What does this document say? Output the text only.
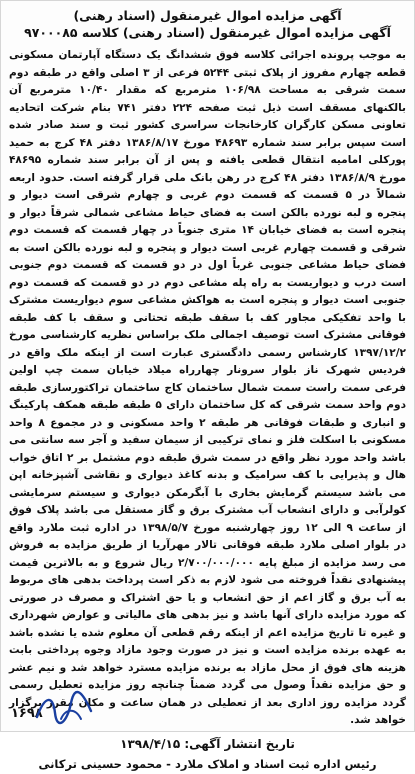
آگهی مزایده اموال غیرمنقول (اسناد رهنی)
آگهی مزایده اموال غیرمنقول (اسناد رهنی) کلاسه ۹۷۰۰۰۸۵
به موجب پرونده اجرائی کلاسه فوق ششدانگ یک دستگاه آپارتمان مسکونی قطعه چهارم مفروز از پلاک ثبتی ۵۲۴۴ فرعی از ۳ اصلی واقع در طبقه دوم سمت شرقی به مساحت ۱۰۶/۹۸ مترمربع که مقدار ۱۰/۴۰ مترمربع آن بالکنهای مسقف است ذیل ثبت صفحه ۲۲۴ دفتر ۷۴۱ بنام شرکت اتحادیه تعاونی مسکن کارگران کارخانجات سراسری کشور ثبت و سند صادر شده است سپس برابر سند شماره ۴۸۶۹۳ مورخ ۱۳۸۶/۸/۱۷ دفتر ۴۸ کرج به حمید پورکلی امامیه انتقال قطعی یافته و پس از آن برابر سند شماره ۴۸۶۹۵ مورخ ۱۳۸۶/۸/۹ دفتر ۴۸ کرج در رهن بانک ملی قرار گرفته است. حدود اربعه شمالاً در ۵ قسمت که قسمت دوم غربی و چهارم شرقی است دیوار و پنجره و لبه نورده بالکن است به فضای حیاط مشاعی شمالی شرقاً دیوار و پنجره است به فضای خیابان ۱۴ متری جنوباً در چهار قسمت که قسمت دوم شرقی و قسمت چهارم غربی است دیوار و پنجره و لبه نورده بالکن است به فضای حیاط مشاعی جنوبی غرباً اول در دو قسمت که قسمت دوم جنوبی است درب و دیواریست به راه پله مشاعی دوم در دو قسمت که قسمت دوم جنوبی است دیوار و پنجره است به هواکش مشاعی سوم دیواریست مشترک با واحد تفکیکی مجاور کف با سقف طبقه تحتانی و سقف با کف طبقه فوقانی مشترک است توصیف اجمالی ملک براساس نظریه کارشناسی مورخ ۱۳۹۷/۱۲/۲ کارشناس رسمی دادگستری عبارت است از اینکه ملک واقع در فردیس شهرک ناز بلوار سرونار چهارراه میلاد خیابان سمت چپ اولین فرعی سمت راست سمت شمال ساختمان کاج ساختمان تراکتورسازی طبقه دوم واحد سمت شرقی که کل ساختمان دارای ۵ طبقه طبقه همکف پارکینگ و انباری و طبقات فوقانی هر طبقه ۲ واحد مسکونی و در مجموع ۸ واحد مسکونی با اسکلت فلز و نمای ترکیبی از سیمان سفید و آجر سه سانتی می باشد واحد مورد نظر واقع در سمت شرق طبقه دوم مشتمل بر ۲ اتاق خواب هال و پذیرایی با کف سرامیک و بدنه کاغذ دیواری و نقاشی آشپزخانه اپن می باشد سیستم گرمایش بخاری با آبگرمکن دیواری و سیستم سرمایشی کولرآبی و دارای انشعاب آب مشترک برق و گاز مستقل می باشد پلاک فوق از ساعت ۹ الی ۱۲ روز چهارشنبه مورخ ۱۳۹۸/۵/۷ در اداره ثبت ملارد واقع در بلوار اصلی ملارد طبقه فوقانی تالار مهرآریا از طریق مزایده به فروش می رسد مزایده از مبلغ پایه ۲/۷۰۰/۰۰۰/۰۰۰ ریال شروع و به بالاترین قیمت پیشنهادی نقداً فروخته می شود لازم به ذکر است پرداخت بدهی های مربوط به آب برق و گاز اعم از حق انشعاب و یا حق اشتراک و مصرف در صورتی که مورد مزایده دارای آنها باشد و نیز بدهی های مالیاتی و عوارض شهرداری و غیره تا تاریخ مزایده اعم از اینکه رقم قطعی آن معلوم شده یا نشده باشد به عهده برنده مزایده است و نیز در صورت وجود مازاد وجوه پرداختی بابت هزینه های فوق از محل مازاد به برنده مزایده مسترد خواهد شد و نیم عشر و حق مزایده نقداً وصول می گردد ضمناً چنانچه روز مزایده تعطیل رسمی گردد مزایده روز اداری بعد از تعطیلی در همان ساعت و مکان مقرر برگزار خواهد شد.
تاریخ انتشار آگهی: ۱۳۹۸/۴/۱۵
رئیس اداره ثبت اسناد و املاک ملارد - محمود حسینی ترکانی
۱۶۹۸
